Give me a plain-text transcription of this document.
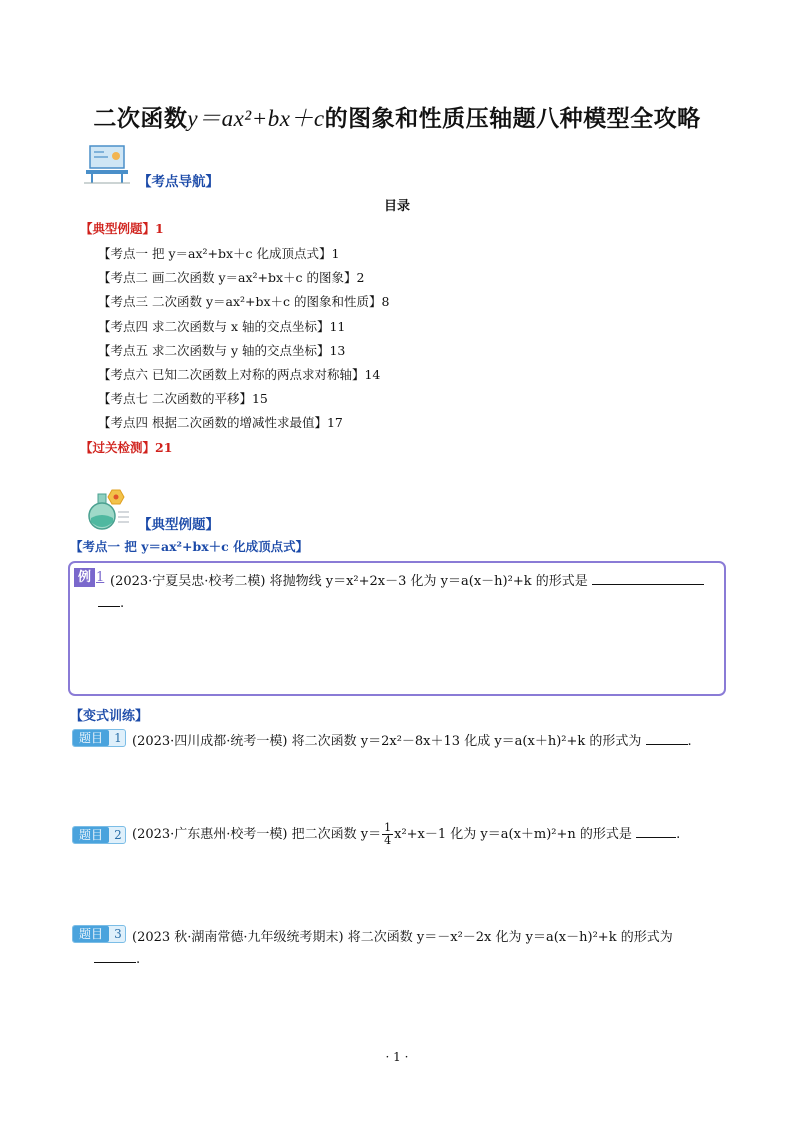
二次函数y＝ax²+bx＋c的图象和性质压轴题八种模型全攻略
【考点导航】
目录
【典型例题】1
【考点一 把 y＝ax²+bx＋c 化成顶点式】1
【考点二 画二次函数 y＝ax²+bx＋c 的图象】2
【考点三 二次函数 y＝ax²+bx＋c 的图象和性质】8
【考点四 求二次函数与 x 轴的交点坐标】11
【考点五 求二次函数与 y 轴的交点坐标】13
【考点六 已知二次函数上对称的两点求对称轴】14
【考点七 二次函数的平移】15
【考点四 根据二次函数的增减性求最值】17
【过关检测】21
【典型例题】
【考点一 把 y＝ax²+bx＋c 化成顶点式】
例 1 (2023·宁夏吴忠·校考二模) 将抛物线 y＝x²+2x－3 化为 y＝a(x－h)²+k 的形式是
.
【变式训练】
题目 1 (2023·四川成都·统考一模) 将二次函数 y＝2x²－8x＋13 化成 y＝a(x＋h)²+k 的形式为	.
题目 2 (2023·广东惠州·校考一模) 把二次函数 $y= \frac{1}{4} x^2+x-1$ 化为 y＝a(x＋m)²+n 的形式是	.
题目 3 (2023 秋·湖南常德·九年级统考期末) 将二次函数 y＝－x²－2x 化为 y＝a(x－h)²+k 的形式为
.
· 1 ·
